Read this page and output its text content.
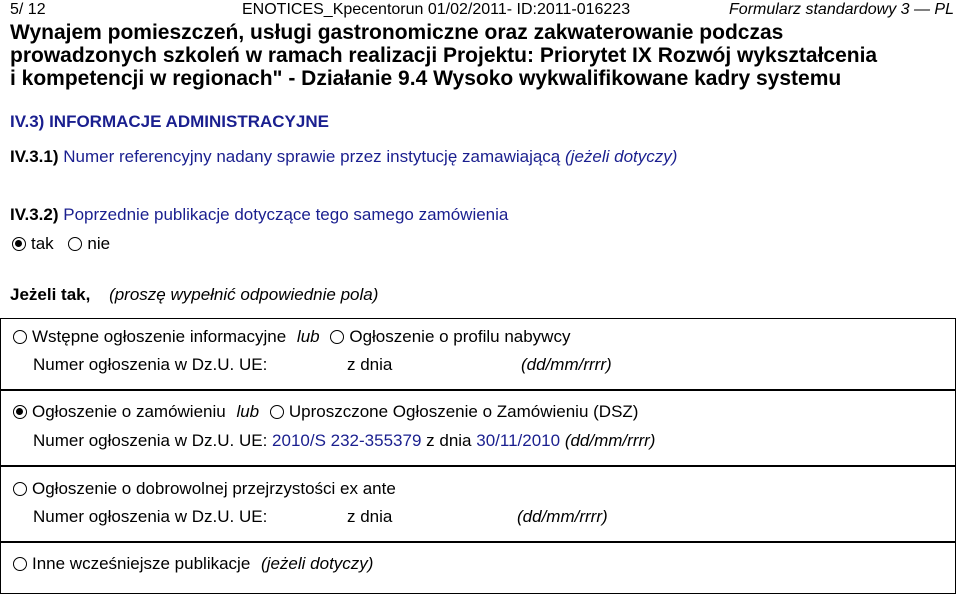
5/ 12	ENOTICES_Kpecentorun 01/02/2011- ID:2011-016223	Formularz standardowy 3 — PL
Wynajem pomieszczeń, usługi gastronomiczne oraz zakwaterowanie podczas
prowadzonych szkoleń w ramach realizacji Projektu: Priorytet IX Rozwój wykształcenia
i kompetencji w regionach" - Działanie 9.4 Wysoko wykwalifikowane kadry systemu
IV.3) INFORMACJE ADMINISTRACYJNE
IV.3.1) Numer referencyjny nadany sprawie przez instytucję zamawiającą (jeżeli dotyczy)
IV.3.2) Poprzednie publikacje dotyczące tego samego zamówienia
tak nie
Jeżeli tak, (proszę wypełnić odpowiednie pola)
Wstępne ogłoszenie informacyjne lub Ogłoszenie o profilu nabywcy
Numer ogłoszenia w Dz.U. UE:	z dnia	(dd/mm/rrrr)
Ogłoszenie o zamówieniu lub Uproszczone Ogłoszenie o Zamówieniu (DSZ)
Numer ogłoszenia w Dz.U. UE: 2010/S 232-355379 z dnia 30/11/2010 (dd/mm/rrrr)
Ogłoszenie o dobrowolnej przejrzystości ex ante
Numer ogłoszenia w Dz.U. UE:	z dnia	(dd/mm/rrrr)
Inne wcześniejsze publikacje (jeżeli dotyczy)
